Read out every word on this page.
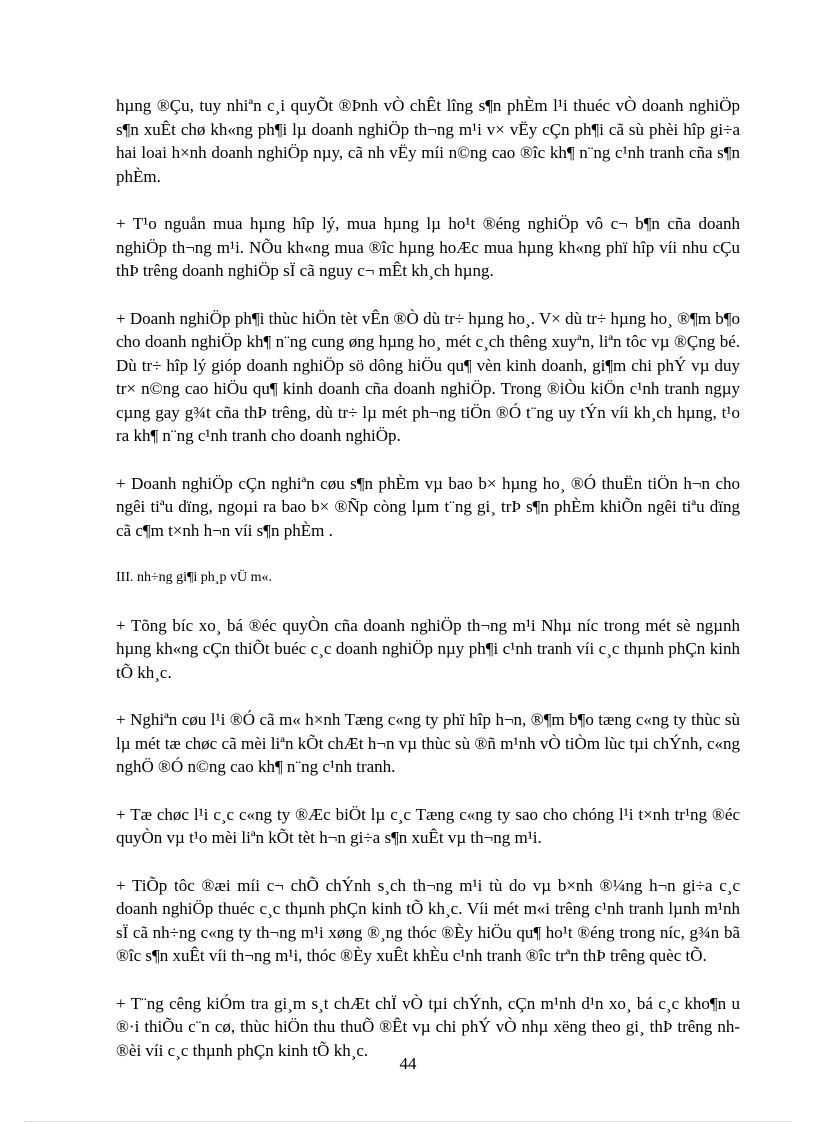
hµng ®Çu, tuy nhiªn c¸i quyÕt ®Þnh vÒ chÊt lîng s¶n phÈm l¹i thuéc vÒ doanh nghiÖp s¶n xuÊt chø kh«ng ph¶i lµ doanh nghiÖp th¬ng m¹i v× vËy cÇn ph¶i cã sù phèi hîp gi÷a hai loai h×nh doanh nghiÖp nµy, cã nh vËy míi n©ng cao ®îc kh¶ n¨ng c¹nh tranh cña s¶n phÈm.

+ T¹o nguån mua hµng hîp lý, mua hµng lµ ho¹t ®éng nghiÖp vô c¬ b¶n cña doanh nghiÖp th¬ng m¹i. NÕu kh«ng mua ®îc hµng hoÆc mua hµng kh«ng phï hîp víi nhu cÇu thÞ trêng doanh nghiÖp sÏ cã nguy c¬ mÊt kh¸ch hµng.

+ Doanh nghiÖp ph¶i thùc hiÖn tèt vÊn ®Ò dù tr÷ hµng ho¸. V× dù tr÷ hµng ho¸ ®¶m b¶o cho doanh nghiÖp kh¶ n¨ng cung øng hµng ho¸ mét c¸ch thêng xuyªn, liªn tôc vµ ®Çng bé. Dù tr÷ hîp lý gióp doanh nghiÖp sö dông hiÖu qu¶ vèn kinh doanh, gi¶m chi phÝ vµ duy tr× n©ng cao hiÖu qu¶ kinh doanh cña doanh nghiÖp. Trong ®iÒu kiÖn c¹nh tranh ngµy cµng gay g¾t cña thÞ trêng, dù tr÷ lµ mét ph¬ng tiÖn ®Ó t¨ng uy tÝn víi kh¸ch hµng, t¹o ra kh¶ n¨ng c¹nh tranh cho doanh nghiÖp.

+ Doanh nghiÖp cÇn nghiªn cøu s¶n phÈm vµ bao b× hµng ho¸ ®Ó thuËn tiÖn h¬n cho ngêi tiªu dïng, ngoµi ra bao b× ®Ñp còng lµm t¨ng gi¸ trÞ s¶n phÈm khiÕn ngêi tiªu dïng cã c¶m t×nh h¬n víi s¶n phÈm .

III. nh÷ng gi¶i ph¸p vÜ m«.

+ Tõng bíc xo¸ bá ®éc quyÒn cña doanh nghiÖp th¬ng m¹i Nhµ níc trong mét sè ngµnh hµng kh«ng cÇn thiÕt buéc c¸c doanh nghiÖp nµy ph¶i c¹nh tranh víi c¸c thµnh phÇn kinh tÕ kh¸c.

+ Nghiªn cøu l¹i ®Ó cã m« h×nh Tæng c«ng ty phï hîp h¬n, ®¶m b¶o tæng c«ng ty thùc sù lµ mét tæ chøc cã mèi liªn kÕt chÆt h¬n vµ thùc sù ®ñ m¹nh vÒ tiÒm lùc tµi chÝnh, c«ng nghÖ ®Ó n©ng cao kh¶ n¨ng c¹nh tranh.

+ Tæ chøc l¹i c¸c c«ng ty ®Æc biÖt lµ c¸c Tæng c«ng ty sao cho chóng l¹i t×nh tr¹ng ®éc quyÒn vµ t¹o mèi liªn kÕt tèt h¬n gi÷a s¶n xuÊt vµ th¬ng m¹i.

+ TiÕp tôc ®æi míi c¬ chÕ chÝnh s¸ch th¬ng m¹i tù do vµ b×nh ®¼ng h¬n gi÷a c¸c doanh nghiÖp thuéc c¸c thµnh phÇn kinh tÕ kh¸c. Víi mét m«i trêng c¹nh tranh lµnh m¹nh sÏ cã nh÷ng c«ng ty th¬ng m¹i xøng ®¸ng thóc ®Èy hiÖu qu¶ ho¹t ®éng trong níc, g¾n bã ®îc s¶n xuÊt víi th¬ng m¹i, thóc ®Èy xuÊt khÈu c¹nh tranh ®îc trªn thÞ trêng quèc tÕ.

+ T¨ng cêng kiÓm tra gi¸m s¸t chÆt chÏ vÒ tµi chÝnh, cÇn m¹nh d¹n xo¸ bá c¸c kho¶n u ®·i thiÕu c¨n cø, thùc hiÖn thu thuÕ ®Êt vµ chi phÝ vÒ nhµ xëng theo gi¸ thÞ trêng nh ®èi víi c¸c thµnh phÇn kinh tÕ kh¸c.

44
